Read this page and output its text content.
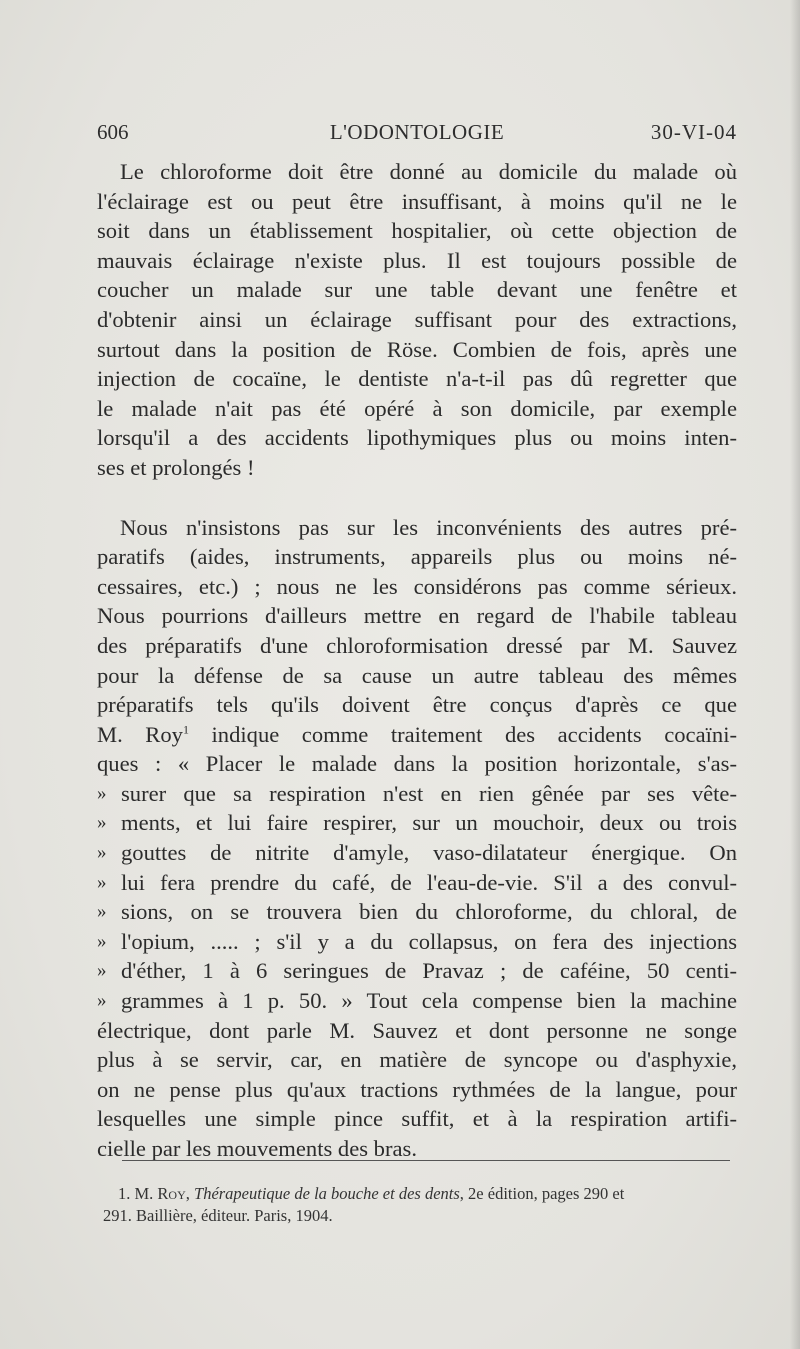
606	L'ODONTOLOGIE	30-VI-04
Le chloroforme doit être donné au domicile du malade où
l'éclairage est ou peut être insuffisant, à moins qu'il ne le
soit dans un établissement hospitalier, où cette objection de
mauvais éclairage n'existe plus. Il est toujours possible de
coucher un malade sur une table devant une fenêtre et
d'obtenir ainsi un éclairage suffisant pour des extractions,
surtout dans la position de Röse. Combien de fois, après une
injection de cocaïne, le dentiste n'a-t-il pas dû regretter que
le malade n'ait pas été opéré à son domicile, par exemple
lorsqu'il a des accidents lipothymiques plus ou moins inten-
ses et prolongés !
Nous n'insistons pas sur les inconvénients des autres pré-
paratifs (aides, instruments, appareils plus ou moins né-
cessaires, etc.) ; nous ne les considérons pas comme sérieux.
Nous pourrions d'ailleurs mettre en regard de l'habile tableau
des préparatifs d'une chloroformisation dressé par M. Sauvez
pour la défense de sa cause un autre tableau des mêmes
préparatifs tels qu'ils doivent être conçus d'après ce que
M. Roy$^1$ indique comme traitement des accidents cocaïni-
ques : « Placer le malade dans la position horizontale, s'as-
» surer que sa respiration n'est en rien gênée par ses vête-
» ments, et lui faire respirer, sur un mouchoir, deux ou trois
» gouttes de nitrite d'amyle, vaso-dilatateur énergique. On
» lui fera prendre du café, de l'eau-de-vie. S'il a des convul-
» sions, on se trouvera bien du chloroforme, du chloral, de
» l'opium, ..... ; s'il y a du collapsus, on fera des injections
» d'éther, 1 à 6 seringues de Pravaz ; de caféine, 50 centi-
» grammes à 1 p. 50. » Tout cela compense bien la machine
électrique, dont parle M. Sauvez et dont personne ne songe
plus à se servir, car, en matière de syncope ou d'asphyxie,
on ne pense plus qu'aux tractions rythmées de la langue, pour
lesquelles une simple pince suffit, et à la respiration artifi-
cielle par les mouvements des bras.
1. M. Roy, Thérapeutique de la bouche et des dents, 2e édition, pages 290 et
291. Baillière, éditeur. Paris, 1904.
